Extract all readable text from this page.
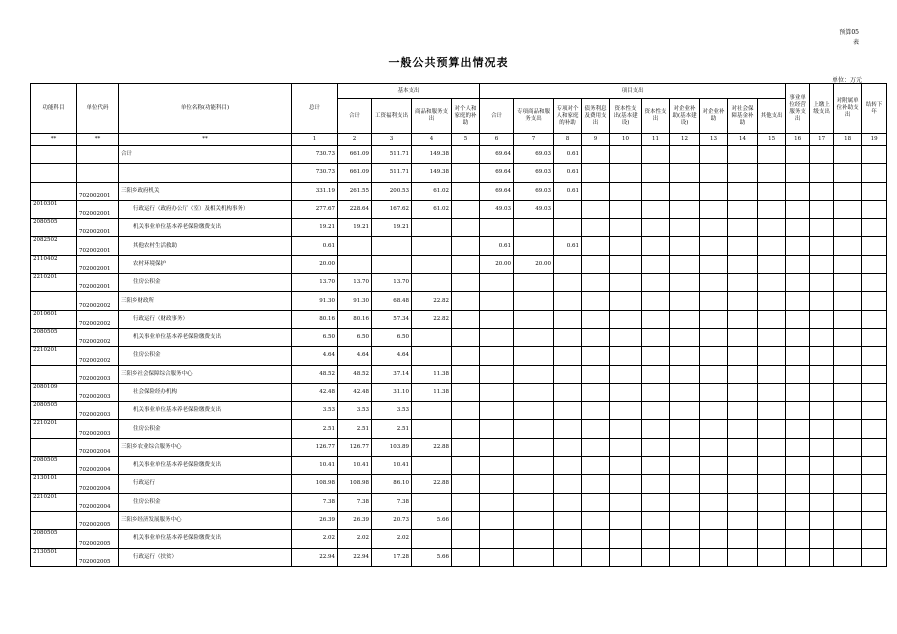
预算05
表
一般公共预算出情况表
单位：万元
功能科目	单位代码	单位名称(功能科目)	总计	基本支出				项目支出										事业单位经营服务支出	上缴上级支出	对附属单位补助支出	结转下年
				合计	工资福利支出	商品和服务支出	对个人和家庭的补助	合计	专项商品和服务支出	专项对个人和家庭的补助	债务利息及费用支出	资本性支出(基本建设)	资本性支出	对企业补助(基本建设)	对企业补助	对社会保障基金补助	其他支出				
**	**	**	1	2	3	4	5	6	7	8	9	10	11	12	13	14	15	16	17	18	19
		合计	730.73	661.09	511.71	149.38		69.64	69.03	0.61											
			730.73	661.09	511.71	149.38		69.64	69.03	0.61											
	702002001	三阳乡政府机关	331.19	261.55	200.53	61.02		69.64	69.03	0.61											
2010301	702002001	行政运行（政府办公厅（室）及相关机构事务）	277.67	228.64	167.62	61.02		49.03	49.03												
2080505	702002001	机关事业单位基本养老保险缴费支出	19.21	19.21	19.21																
2082502	702002001	其他农村生活救助	0.61					0.61		0.61											
2110402	702002001	农村环境保护	20.00					20.00	20.00												
2210201	702002001	住房公积金	13.70	13.70	13.70																
	702002002	三阳乡财政所	91.30	91.30	68.48	22.82															
2010601	702002002	行政运行（财政事务）	80.16	80.16	57.34	22.82															
2080505	702002002	机关事业单位基本养老保险缴费支出	6.50	6.50	6.50																
2210201	702002002	住房公积金	4.64	4.64	4.64																
	702002003	三阳乡社会保障综合服务中心	48.52	48.52	37.14	11.38															
2080109	702002003	社会保险经办机构	42.48	42.48	31.10	11.38															
2080505	702002003	机关事业单位基本养老保险缴费支出	3.53	3.53	3.53																
2210201	702002003	住房公积金	2.51	2.51	2.51																
	702002004	三阳乡农业综合服务中心	126.77	126.77	103.89	22.88															
2080505	702002004	机关事业单位基本养老保险缴费支出	10.41	10.41	10.41																
2130101	702002004	行政运行	108.98	108.98	86.10	22.88															
2210201	702002004	住房公积金	7.38	7.38	7.38																
	702002005	三阳乡经济发展服务中心	26.39	26.39	20.73	5.66															
2080505	702002005	机关事业单位基本养老保险缴费支出	2.02	2.02	2.02																
2130501	702002005	行政运行（扶贫）	22.94	22.94	17.28	5.66															
